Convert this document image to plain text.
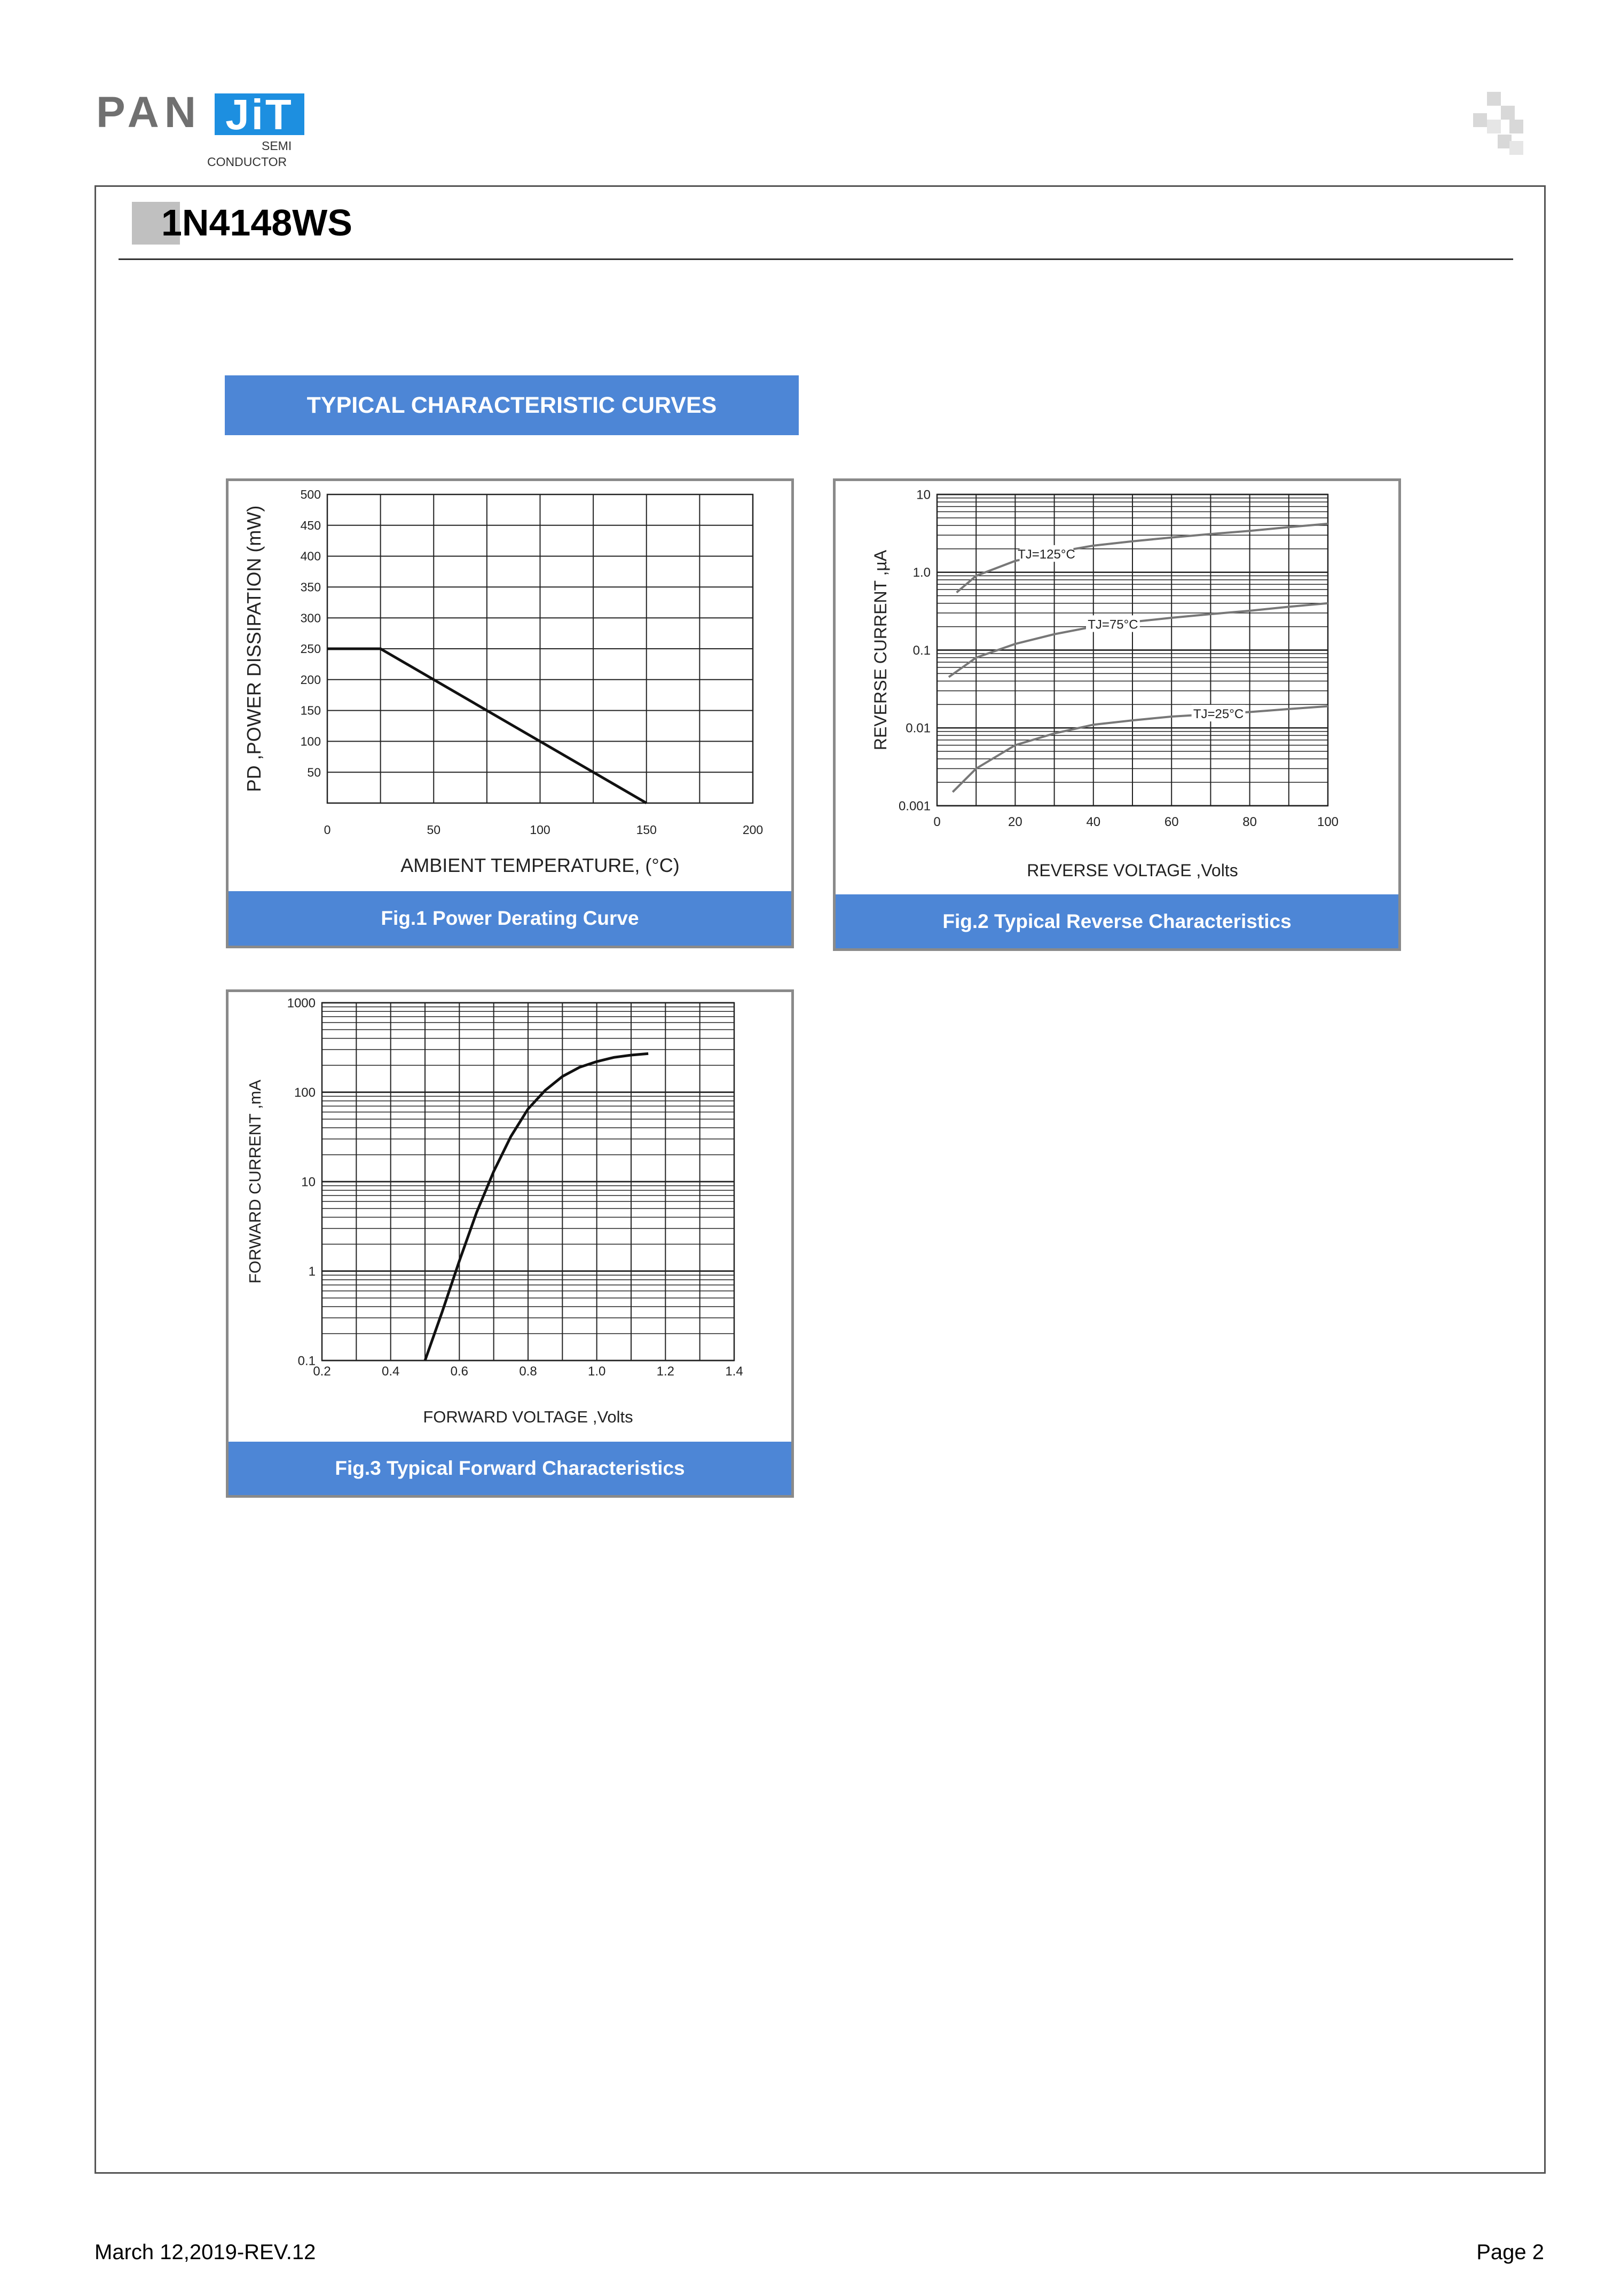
PAN JiT
SEMI
CONDUCTOR
1N4148WS
TYPICAL CHARACTERISTIC CURVES
0	50	100	150	200
50
100
150
200
250
300
350
400
450
500
AMBIENT TEMPERATURE, (°C)
PD ,POWER DISSIPATION (mW)
Fig.1 Power Derating Curve
0	20	40	60	80	100
0.001
0.01
0.1
1.0
10
REVERSE VOLTAGE ,Volts
REVERSE CURRENT ,µA	TJ=125°C
TJ=75°C
TJ=25°C
Fig.2 Typical Reverse Characteristics
0.2	0.4	0.6	0.8	1.0	1.2	1.4
0.1
1
10
100
1000
FORWARD VOLTAGE ,Volts
FORWARD CURRENT ,mA
Fig.3 Typical Forward Characteristics
March 12,2019-REV.12	Page 2
